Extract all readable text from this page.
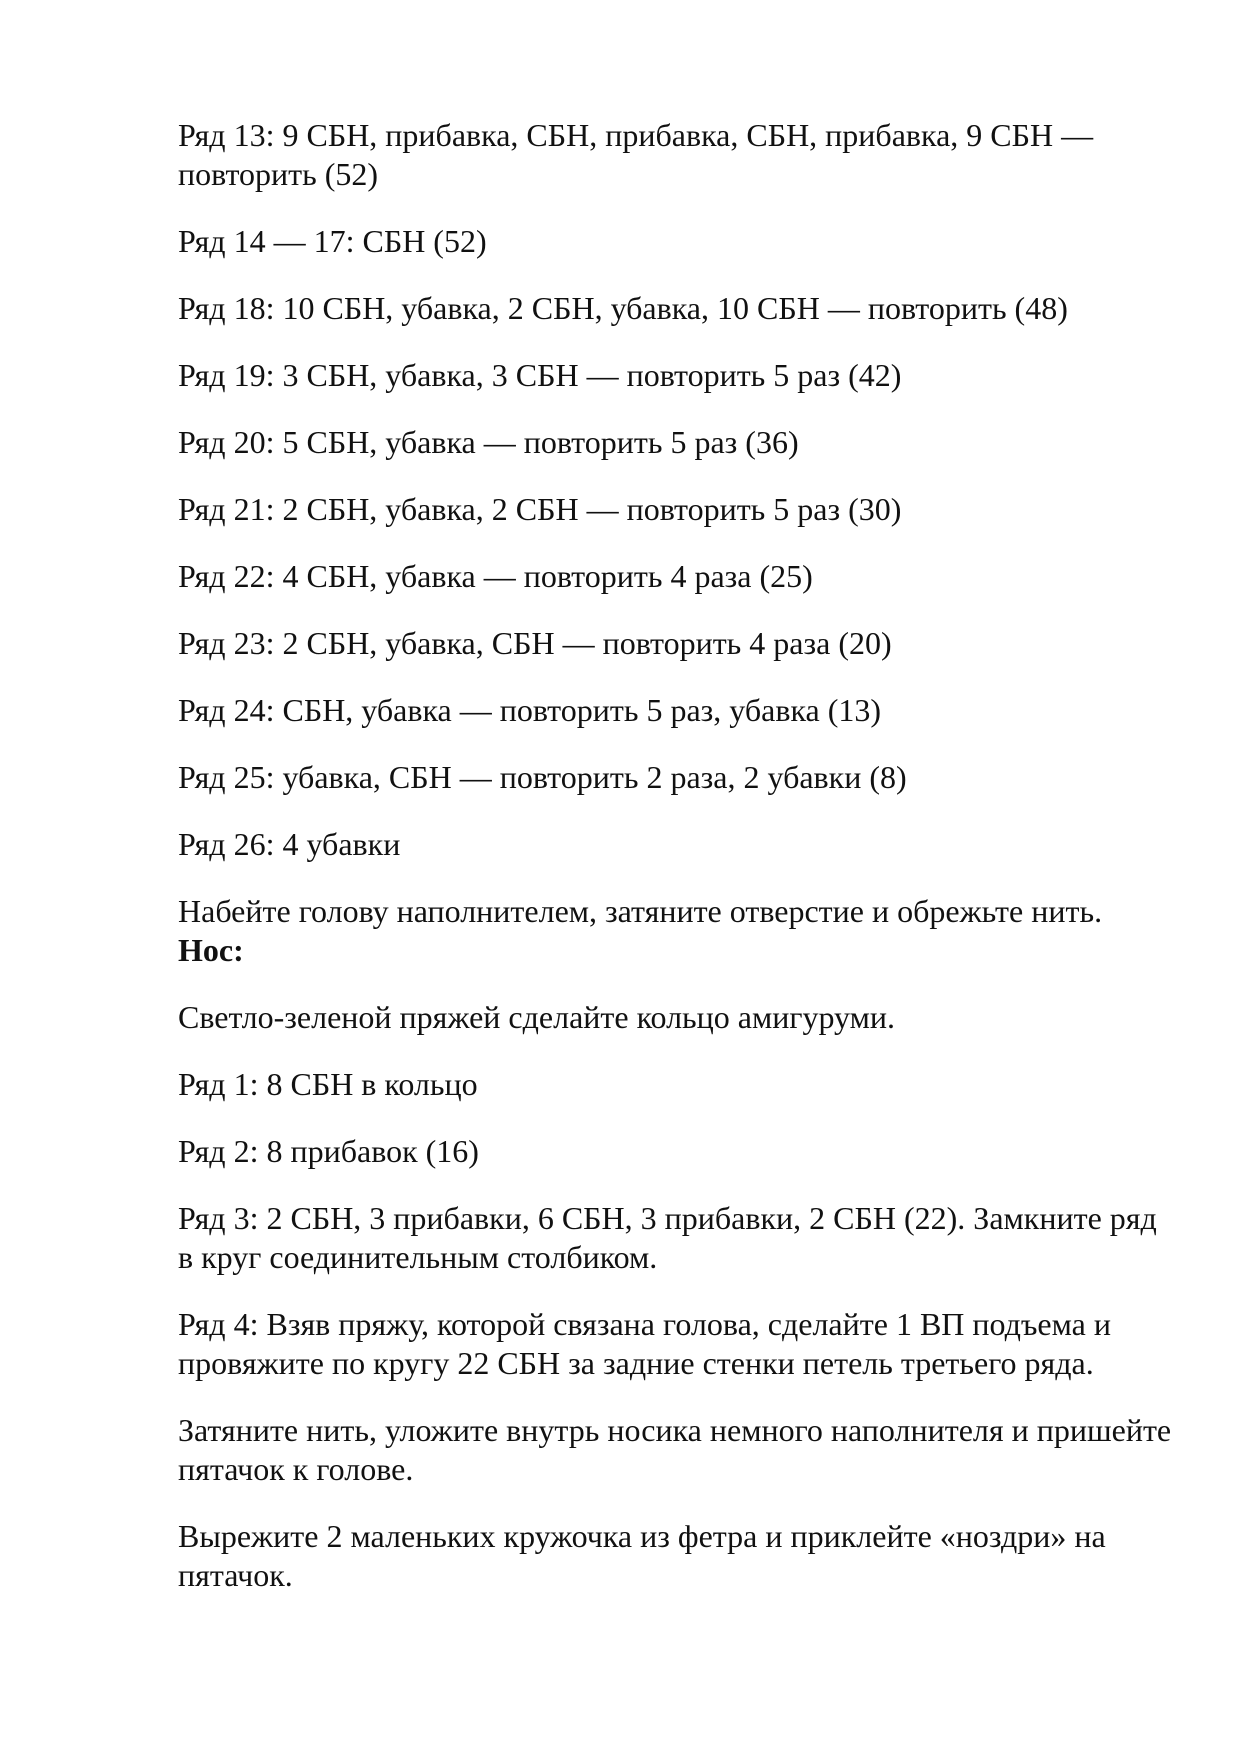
Ряд 13: 9 СБН, прибавка, СБН, прибавка, СБН, прибавка, 9 СБН — повторить (52)

Ряд 14 — 17: СБН (52)

Ряд 18: 10 СБН, убавка, 2 СБН, убавка, 10 СБН — повторить (48)

Ряд 19: 3 СБН, убавка, 3 СБН — повторить 5 раз (42)

Ряд 20: 5 СБН, убавка — повторить 5 раз (36)

Ряд 21: 2 СБН, убавка, 2 СБН — повторить 5 раз (30)

Ряд 22: 4 СБН, убавка — повторить 4 раза (25)

Ряд 23: 2 СБН, убавка, СБН — повторить 4 раза (20)

Ряд 24: СБН, убавка — повторить 5 раз, убавка (13)

Ряд 25: убавка, СБН — повторить 2 раза, 2 убавки (8)

Ряд 26: 4 убавки

Набейте голову наполнителем, затяните отверстие и обрежьте нить.

Нос:

Светло-зеленой пряжей сделайте кольцо амигуруми.

Ряд 1: 8 СБН в кольцо

Ряд 2: 8 прибавок (16)

Ряд 3: 2 СБН, 3 прибавки, 6 СБН, 3 прибавки, 2 СБН (22). Замкните ряд в круг соединительным столбиком.

Ряд 4: Взяв пряжу, которой связана голова, сделайте 1 ВП подъема и провяжите по кругу 22 СБН за задние стенки петель третьего ряда.

Затяните нить, уложите внутрь носика немного наполнителя и пришейте пятачок к голове.

Вырежите 2 маленьких кружочка из фетра и приклейте «ноздри» на пятачок.
